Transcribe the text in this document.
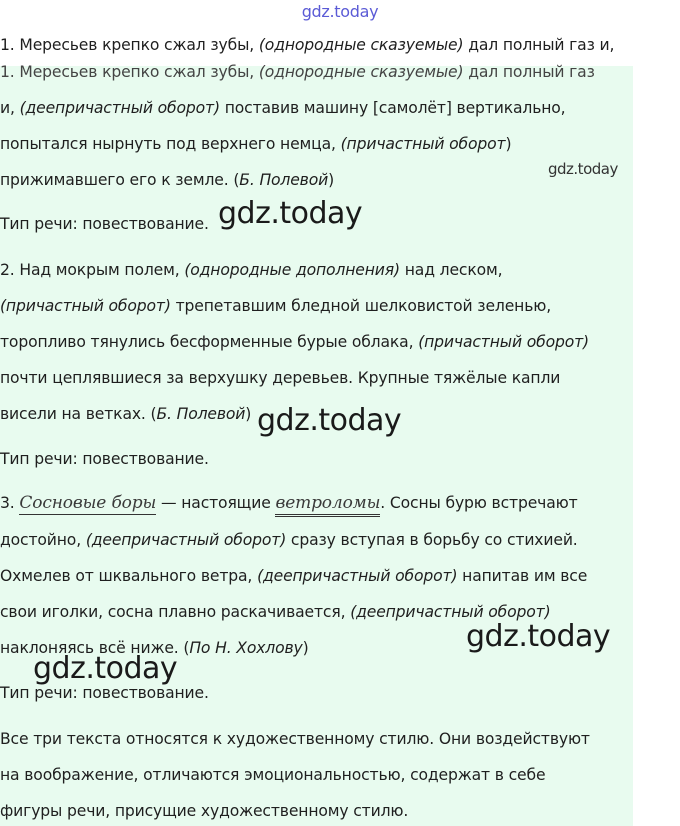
gdz.today
1. Мересьев крепко сжал зубы, (однородные сказуемые) дал полный газ и,
1. Мересьев крепко сжал зубы, (однородные сказуемые) дал полный газ
и, (деепричастный оборот) поставив машину [самолёт] вертикально,
попытался нырнуть под верхнего немца, (причастный оборот)
прижимавшего его к земле. (Б. Полевой)
Тип речи: повествование.
2. Над мокрым полем, (однородные дополнения) над леском,
(причастный оборот) трепетавшим бледной шелковистой зеленью,
торопливо тянулись бесформенные бурые облака, (причастный оборот)
почти цеплявшиеся за верхушку деревьев. Крупные тяжёлые капли
висели на ветках. (Б. Полевой)
Тип речи: повествование.
3. Сосновые боры — настоящие ветроломы. Сосны бурю встречают
достойно, (деепричастный оборот) сразу вступая в борьбу со стихией.
Охмелев от шквального ветра, (деепричастный оборот) напитав им все
свои иголки, сосна плавно раскачивается, (деепричастный оборот)
наклоняясь всё ниже. (По Н. Хохлову)
Тип речи: повествование.
Все три текста относятся к художественному стилю. Они воздействуют
на воображение, отличаются эмоциональностью, содержат в себе
фигуры речи, присущие художественному стилю.
gdz.today
gdz.today
gdz.today
gdz.today
gdz.today
